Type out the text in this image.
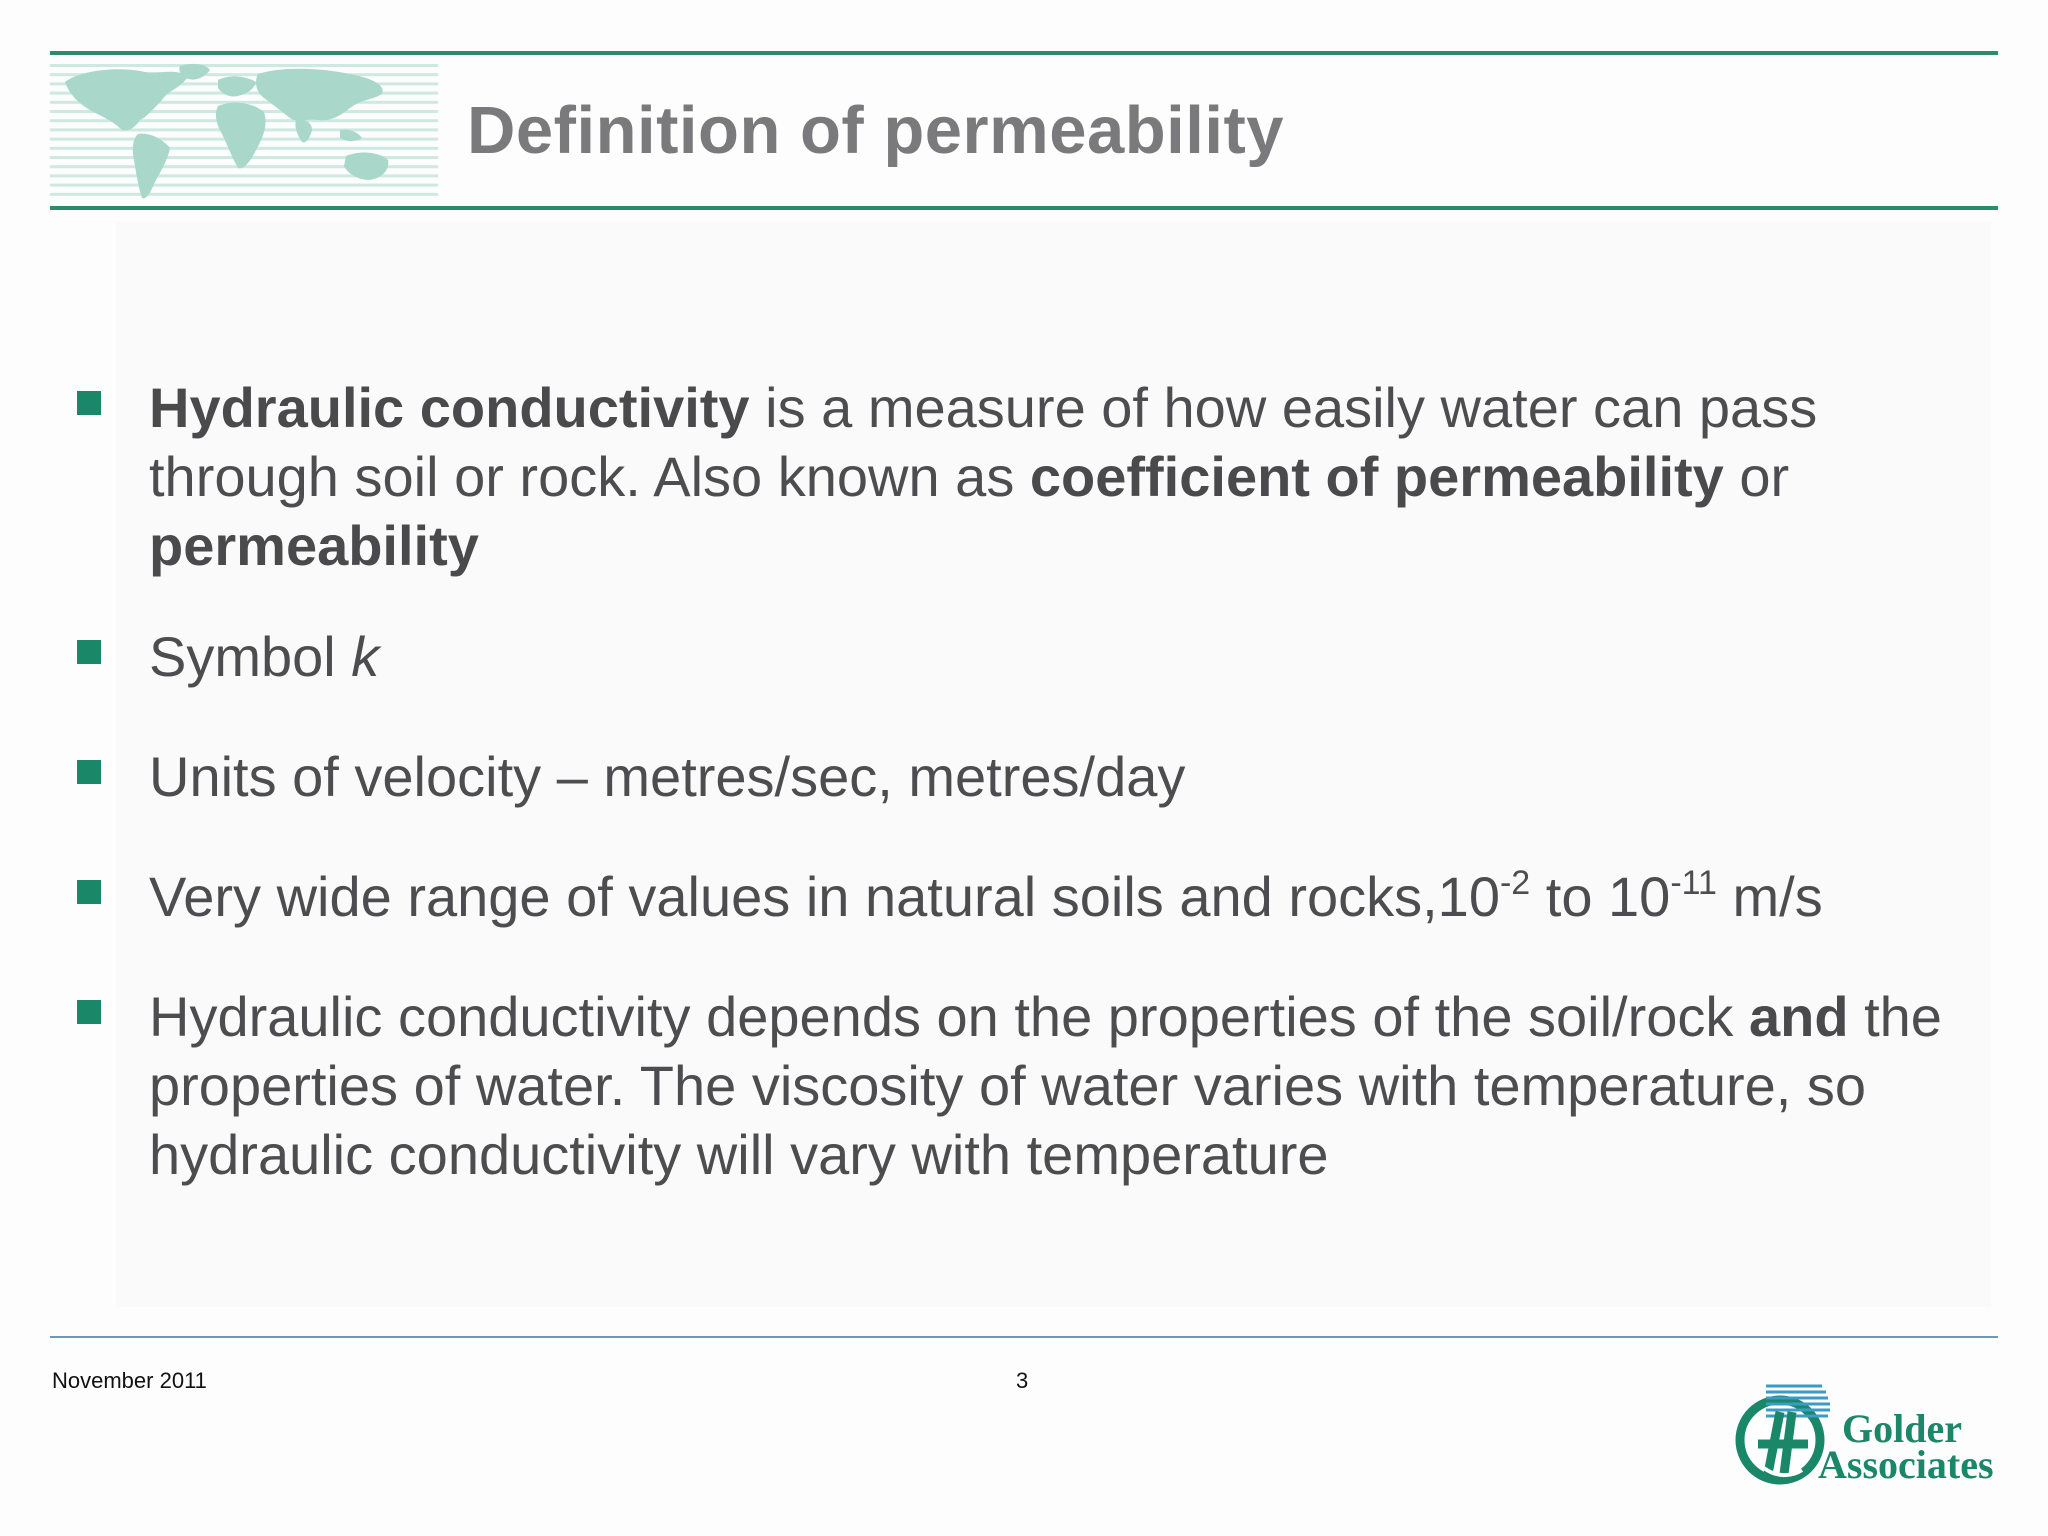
Definition of permeability
Hydraulic conductivity is a measure of how easily water can pass through soil or rock. Also known as coefficient of permeability or permeability
Symbol k
Units of velocity – metres/sec, metres/day
Very wide range of values in natural soils and $rocks,10^{-2}$ to $10^{-11}$ m/s
Hydraulic conductivity depends on the properties of the soil/rock and the properties of water. The viscosity of water varies with temperature, so hydraulic conductivity will vary with temperature
November 2011	3
Golder
Associates
